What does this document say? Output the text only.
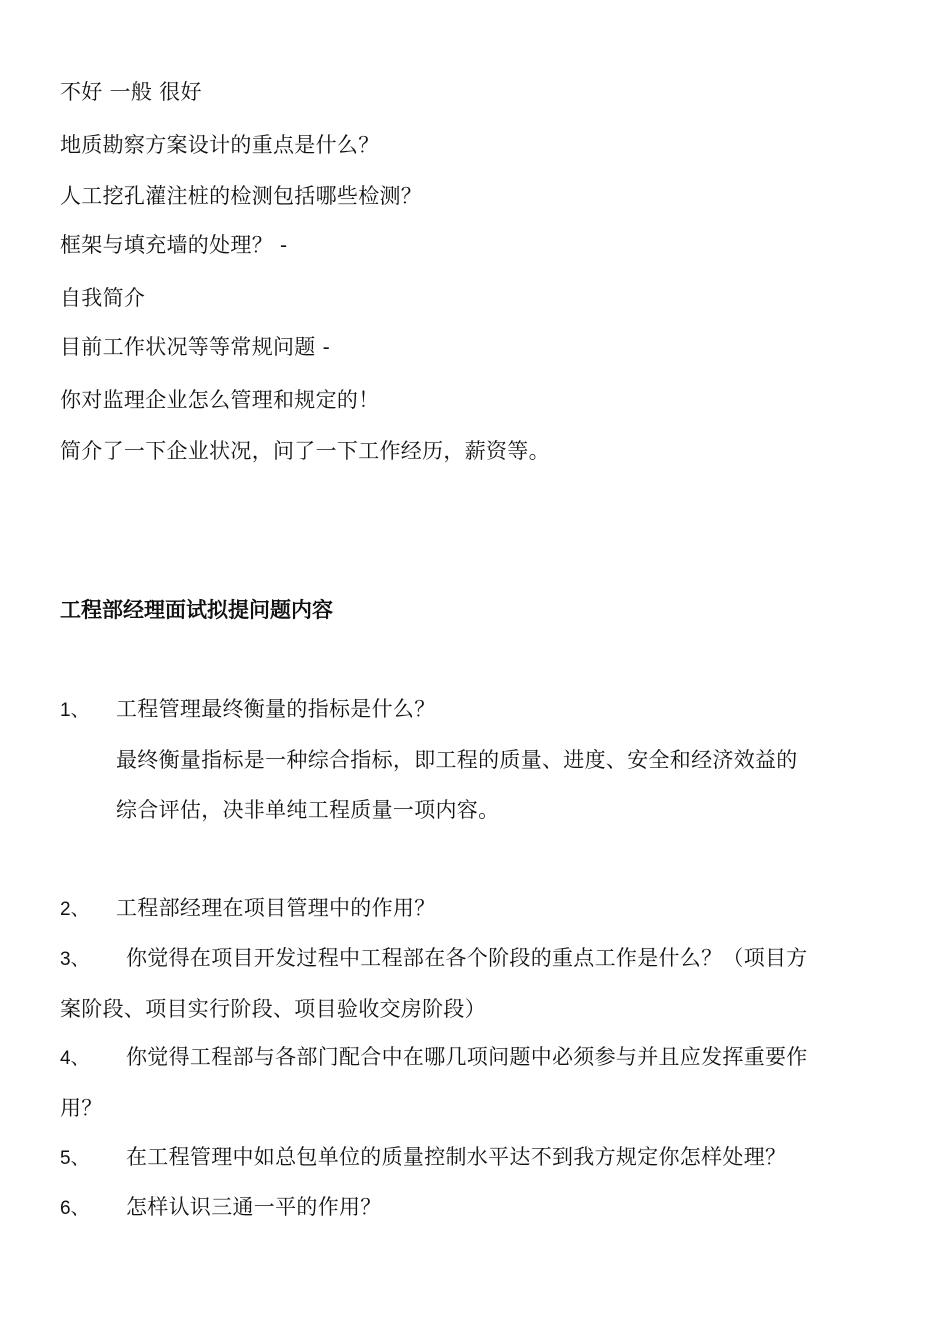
不好 一般 很好
地质勘察方案设计的重点是什么？
人工挖孔灌注桩的检测包括哪些检测？
框架与填充墙的处理？ -
自我简介
目前工作状况等等常规问题 -
你对监理企业怎么管理和规定的！
简介了一下企业状况，问了一下工作经历，薪资等。
工程部经理面试拟提问题内容
1、 工程管理最终衡量的指标是什么？
最终衡量指标是一种综合指标，即工程的质量、进度、安全和经济效益的
综合评估，决非单纯工程质量一项内容。
2、 工程部经理在项目管理中的作用？
3、 你觉得在项目开发过程中工程部在各个阶段的重点工作是什么？（项目方
案阶段、项目实行阶段、项目验收交房阶段）
4、 你觉得工程部与各部门配合中在哪几项问题中必须参与并且应发挥重要作
用？
5、 在工程管理中如总包单位的质量控制水平达不到我方规定你怎样处理？
6、 怎样认识三通一平的作用？
